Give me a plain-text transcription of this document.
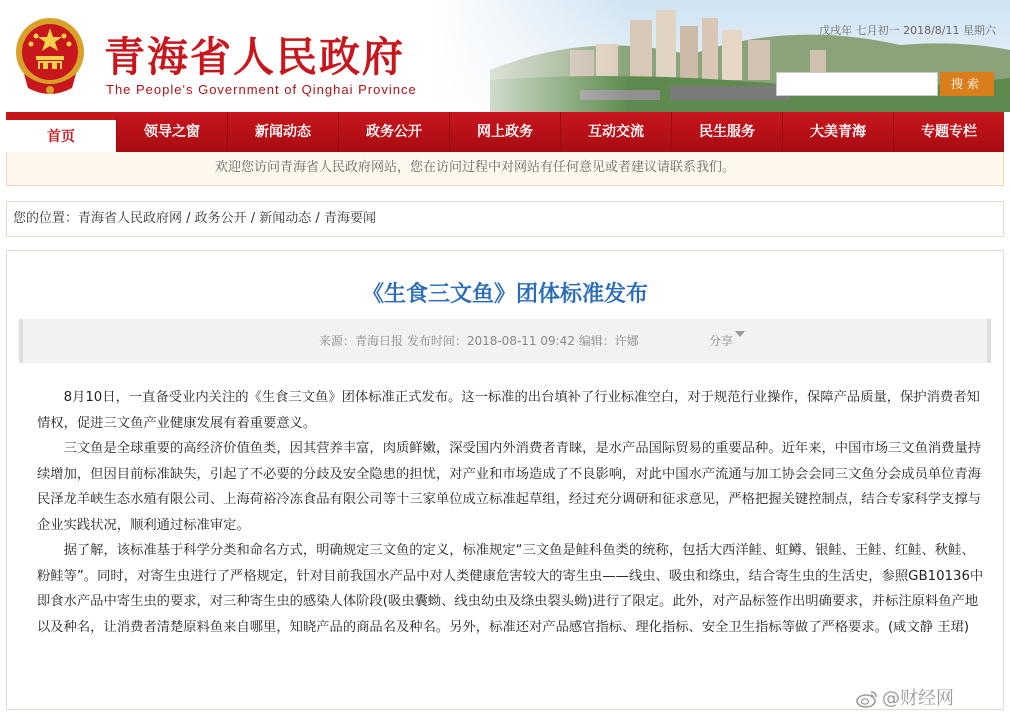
青海省人民政府
The People's Government of Qinghai Province
戊戌年 七月初一 2018/8/11 星期六
搜索
首页	领导之窗	新闻动态	政务公开	网上政务	互动交流	民生服务	大美青海	专题专栏
欢迎您访问青海省人民政府网站，您在访问过程中对网站有任何意见或者建议请联系我们。
您的位置：青海省人民政府网 / 政务公开 / 新闻动态 / 青海要闻
《生食三文鱼》团体标准发布
来源：青海日报 发布时间：2018-08-11 09:42 编辑：许娜	分享

8月10日，一直备受业内关注的《生食三文鱼》团体标准正式发布。这一标准的出台填补了行业标准空白，对于规范行业操作，保障产品质量，保护消费者知情权，促进三文鱼产业健康发展有着重要意义。

三文鱼是全球重要的高经济价值鱼类，因其营养丰富，肉质鲜嫩，深受国内外消费者青睐，是水产品国际贸易的重要品种。近年来，中国市场三文鱼消费量持续增加，但因目前标准缺失，引起了不必要的分歧及安全隐患的担忧，对产业和市场造成了不良影响，对此中国水产流通与加工协会会同三文鱼分会成员单位青海民泽龙羊峡生态水殖有限公司、上海荷裕冷冻食品有限公司等十三家单位成立标准起草组，经过充分调研和征求意见，严格把握关键控制点，结合专家科学支撑与企业实践状况，顺利通过标准审定。

据了解，该标准基于科学分类和命名方式，明确规定三文鱼的定义，标准规定“三文鱼是鲑科鱼类的统称，包括大西洋鲑、虹鳟、银鲑、王鲑、红鲑、秋鲑、粉鲑等”。同时，对寄生虫进行了严格规定，针对目前我国水产品中对人类健康危害较大的寄生虫——线虫、吸虫和绦虫，结合寄生虫的生活史，参照GB10136中即食水产品中寄生虫的要求，对三种寄生虫的感染人体阶段(吸虫囊蚴、线虫幼虫及绦虫裂头蚴)进行了限定。此外，对产品标签作出明确要求，并标注原料鱼产地以及种名，让消费者清楚原料鱼来自哪里，知晓产品的商品名及种名。另外，标准还对产品感官指标、理化指标、安全卫生指标等做了严格要求。(咸文静 王珺)

@财经网
